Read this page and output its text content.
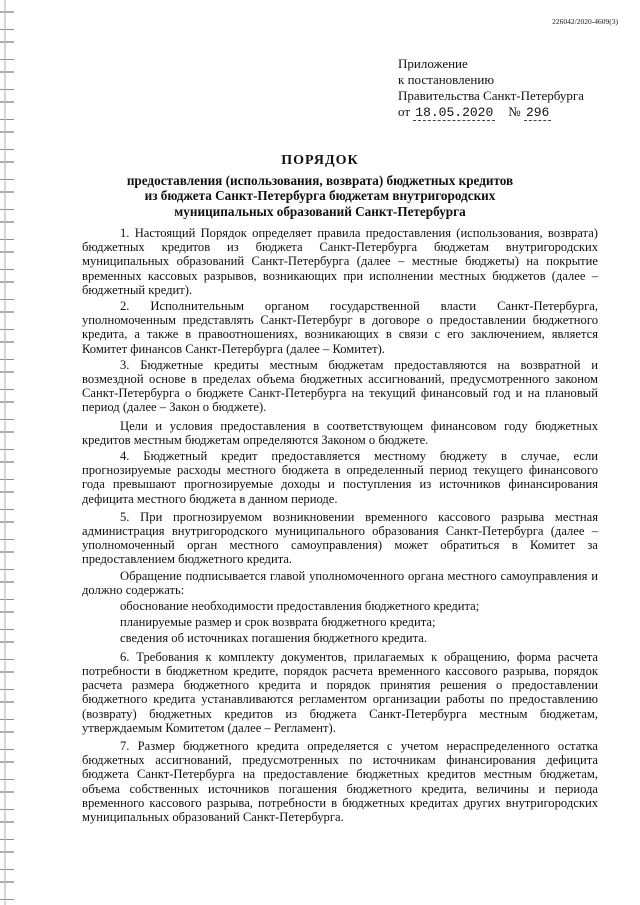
226042/2020-4609(3)
Приложение
к постановлению
Правительства Санкт-Петербурга
от 18.05.2020 № 296
ПОРЯДОК
предоставления (использования, возврата) бюджетных кредитов
из бюджета Санкт-Петербурга бюджетам внутригородских
муниципальных образований Санкт-Петербурга

1. Настоящий Порядок определяет правила предоставления (использования, возврата) бюджетных кредитов из бюджета Санкт-Петербурга бюджетам внутригородских муниципальных образований Санкт-Петербурга (далее – местные бюджеты) на покрытие временных кассовых разрывов, возникающих при исполнении местных бюджетов (далее – бюджетный кредит).

2. Исполнительным органом государственной власти Санкт-Петербурга, уполномоченным представлять Санкт-Петербург в договоре о предоставлении бюджетного кредита, а также в правоотношениях, возникающих в связи с его заключением, является Комитет финансов Санкт-Петербурга (далее – Комитет).

3. Бюджетные кредиты местным бюджетам предоставляются на возвратной и возмездной основе в пределах объема бюджетных ассигнований, предусмотренного законом Санкт-Петербурга о бюджете Санкт-Петербурга на текущий финансовый год и на плановый период (далее – Закон о бюджете).

Цели и условия предоставления в соответствующем финансовом году бюджетных кредитов местным бюджетам определяются Законом о бюджете.

4. Бюджетный кредит предоставляется местному бюджету в случае, если прогнозируемые расходы местного бюджета в определенный период текущего финансового года превышают прогнозируемые доходы и поступления из источников финансирования дефицита местного бюджета в данном периоде.

5. При прогнозируемом возникновении временного кассового разрыва местная администрация внутригородского муниципального образования Санкт-Петербурга (далее – уполномоченный орган местного самоуправления) может обратиться в Комитет за предоставлением бюджетного кредита.

Обращение подписывается главой уполномоченного органа местного самоуправления и должно содержать:

обоснование необходимости предоставления бюджетного кредита;

планируемые размер и срок возврата бюджетного кредита;

сведения об источниках погашения бюджетного кредита.

6. Требования к комплекту документов, прилагаемых к обращению, форма расчета потребности в бюджетном кредите, порядок расчета временного кассового разрыва, порядок расчета размера бюджетного кредита и порядок принятия решения о предоставлении бюджетного кредита устанавливаются регламентом организации работы по предоставлению (возврату) бюджетных кредитов из бюджета Санкт-Петербурга местным бюджетам, утверждаемым Комитетом (далее – Регламент).

7. Размер бюджетного кредита определяется с учетом нераспределенного остатка бюджетных ассигнований, предусмотренных по источникам финансирования дефицита бюджета Санкт-Петербурга на предоставление бюджетных кредитов местным бюджетам, объема собственных источников погашения бюджетного кредита, величины и периода временного кассового разрыва, потребности в бюджетных кредитах других внутригородских муниципальных образований Санкт-Петербурга.
